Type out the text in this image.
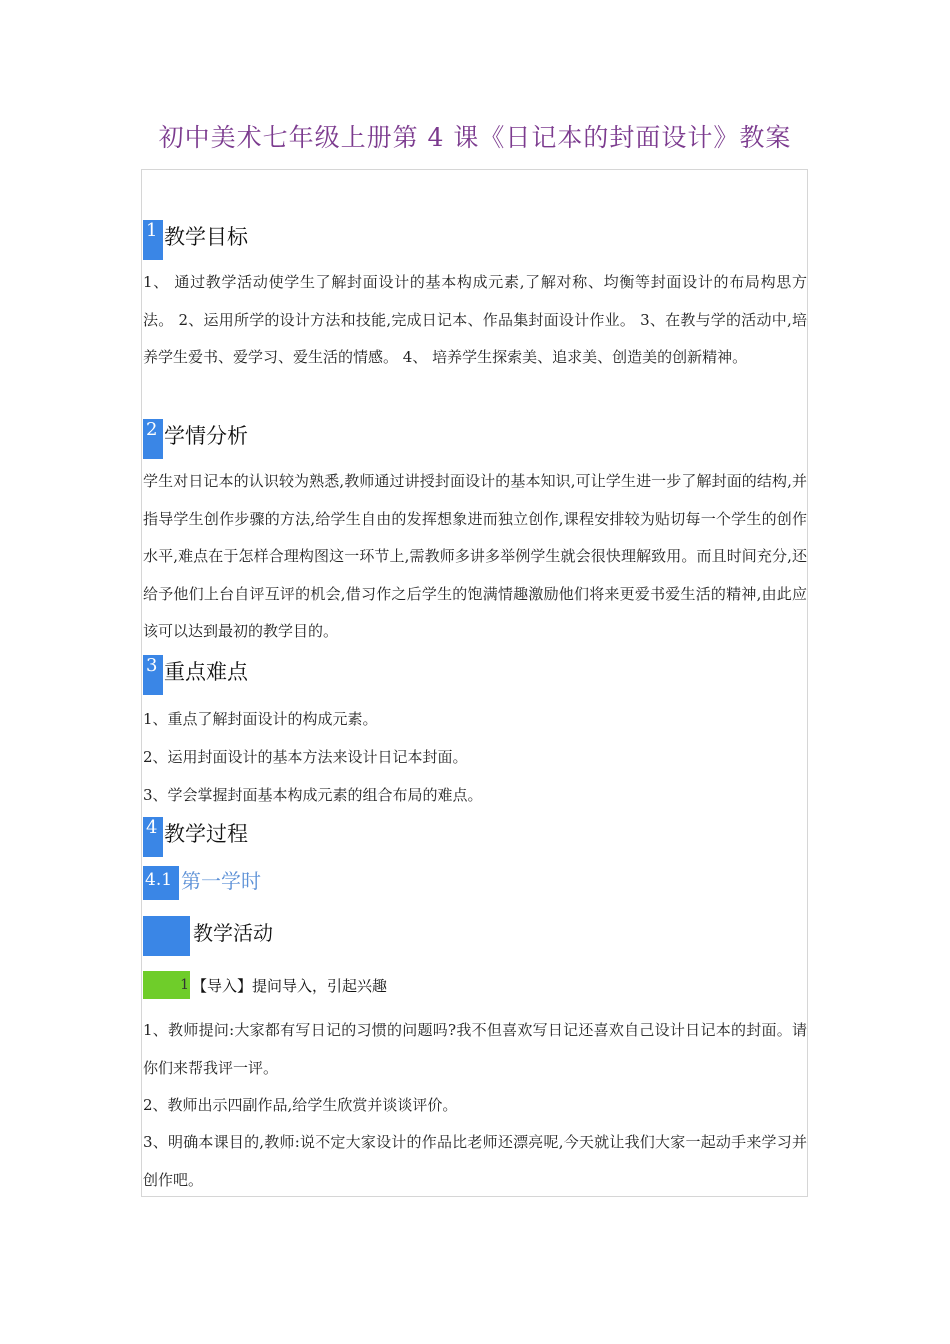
初中美术七年级上册第 4 课《日记本的封面设计》教案
1 教学目标

1、 通过教学活动使学生了解封面设计的基本构成元素,了解对称、均衡等封面设计的布局构思方法。 2、运用所学的设计方法和技能,完成日记本、作品集封面设计作业。 3、在教与学的活动中,培养学生爱书、爱学习、爱生活的情感。 4、 培养学生探索美、追求美、创造美的创新精神。

2 学情分析

学生对日记本的认识较为熟悉,教师通过讲授封面设计的基本知识,可让学生进一步了解封面的结构,并指导学生创作步骤的方法,给学生自由的发挥想象进而独立创作,课程安排较为贴切每一个学生的创作水平,难点在于怎样合理构图这一环节上,需教师多讲多举例学生就会很快理解致用。而且时间充分,还给予他们上台自评互评的机会,借习作之后学生的饱满情趣激励他们将来更爱书爱生活的精神,由此应该可以达到最初的教学目的。

3 重点难点
1、重点了解封面设计的构成元素。
2、运用封面设计的基本方法来设计日记本封面。
3、学会掌握封面基本构成元素的组合布局的难点。
4 教学过程
4.1 第一学时
教学活动
1 【导入】提问导入，引起兴趣

1、教师提问:大家都有写日记的习惯的问题吗?我不但喜欢写日记还喜欢自己设计日记本的封面。请你们来帮我评一评。

2、教师出示四副作品,给学生欣赏并谈谈评价。

3、明确本课目的,教师:说不定大家设计的作品比老师还漂亮呢,今天就让我们大家一起动手来学习并创作吧。
